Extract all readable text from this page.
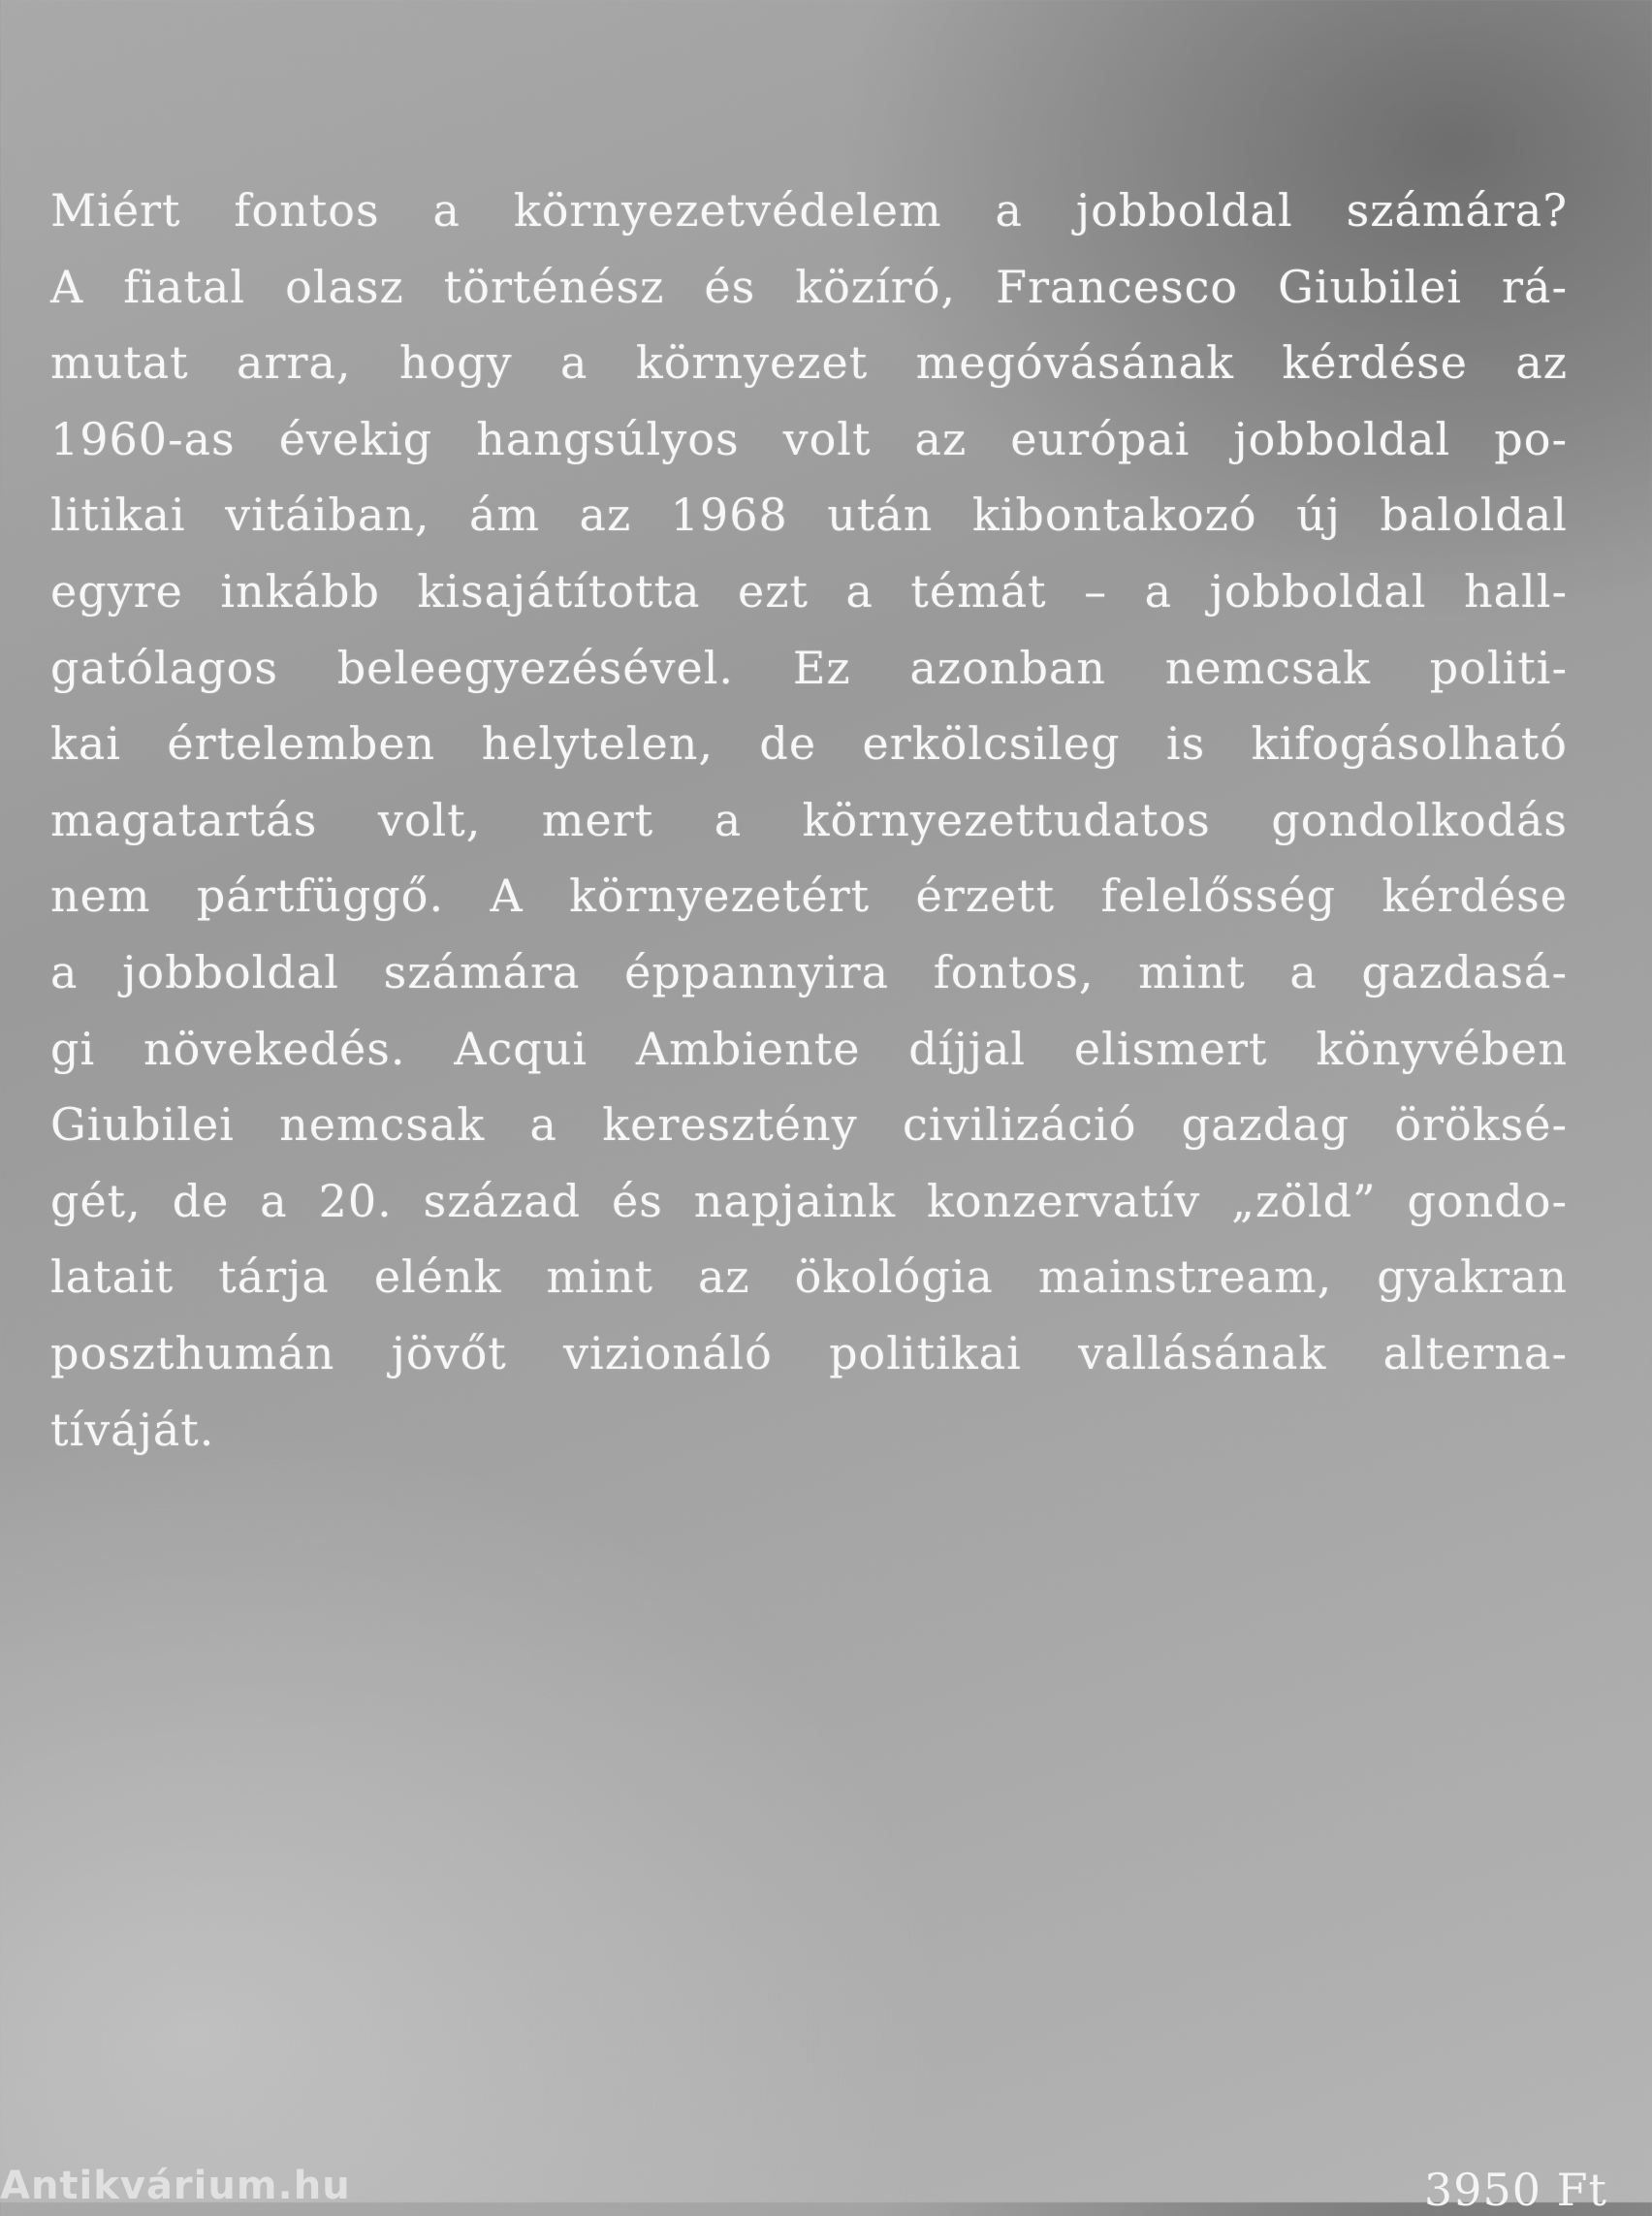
Miért fontos a környezetvédelem a jobboldal számára?
A fiatal olasz történész és közíró, Francesco Giubilei rá-
mutat arra, hogy a környezet megóvásának kérdése az
1960-as évekig hangsúlyos volt az európai jobboldal po-
litikai vitáiban, ám az 1968 után kibontakozó új baloldal
egyre inkább kisajátította ezt a témát – a jobboldal hall-
gatólagos beleegyezésével. Ez azonban nemcsak politi-
kai értelemben helytelen, de erkölcsileg is kifogásolható
magatartás volt, mert a környezettudatos gondolkodás
nem pártfüggő. A környezetért érzett felelősség kérdése
a jobboldal számára éppannyira fontos, mint a gazdasá-
gi növekedés. Acqui Ambiente díjjal elismert könyvében
Giubilei nemcsak a keresztény civilizáció gazdag öröksé-
gét, de a 20. század és napjaink konzervatív „zöld” gondo-
latait tárja elénk mint az ökológia mainstream, gyakran
poszthumán jövőt vizionáló politikai vallásának alterna-
tíváját.

Antikvárium.hu	3950 Ft
